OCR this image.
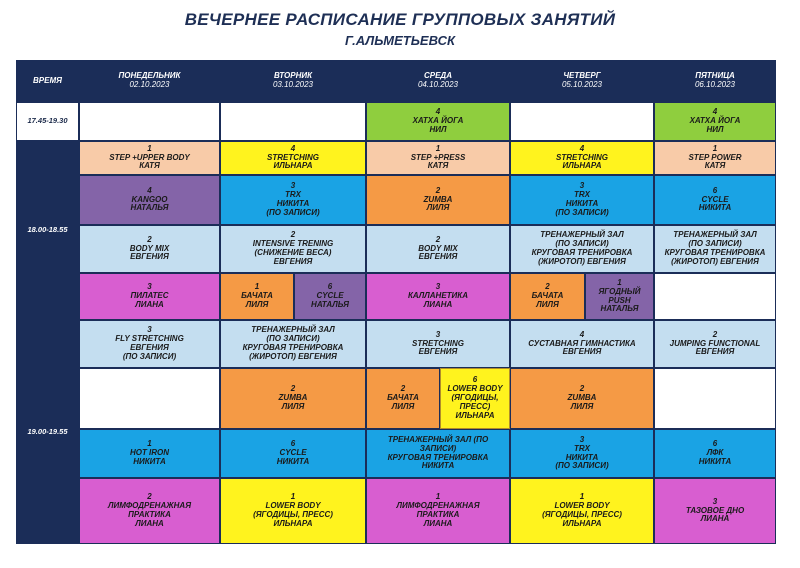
ВЕЧЕРНЕЕ РАСПИСАНИЕ ГРУППОВЫХ ЗАНЯТИЙ
Г.АЛЬМЕТЬЕВСК
ВРЕМЯ	ПОНЕДЕЛЬНИК
02.10.2023
ВТОРНИК
03.10.2023
СРЕДА
04.10.2023
ЧЕТВЕРГ
05.10.2023
ПЯТНИЦА
06.10.2023
17.45-19.30
18.00-18.55
19.00-19.55
4
ХАТХА ЙОГА
НИЛ
4
ХАТХА ЙОГА
НИЛ
1
STEP +UPPER BODY
КАТЯ
4
STRETCHING
ИЛЬНАРА
1
STEP +PRESS
КАТЯ
4
STRETCHING
ИЛЬНАРА
1
STEP POWER
КАТЯ
4
KANGOO
НАТАЛЬЯ
3
TRX
НИКИТА
(ПО ЗАПИСИ)
2
ZUMBA
ЛИЛЯ
3
TRX
НИКИТА
(ПО ЗАПИСИ)
6
CYCLE
НИКИТА
2
BODY MIX
ЕВГЕНИЯ
2
INTENSIVE TRENING
(СНИЖЕНИЕ ВЕСА)
ЕВГЕНИЯ
2
BODY MIX
ЕВГЕНИЯ
ТРЕНАЖЕРНЫЙ ЗАЛ
(ПО ЗАПИСИ)
КРУГОВАЯ ТРЕНИРОВКА
(ЖИРОТОП) ЕВГЕНИЯ
ТРЕНАЖЕРНЫЙ ЗАЛ
(ПО ЗАПИСИ)
КРУГОВАЯ ТРЕНИРОВКА
(ЖИРОТОП) ЕВГЕНИЯ
3
ПИЛАТЕС
ЛИАНА
1
БАЧАТА
ЛИЛЯ
6
CYCLE
НАТАЛЬЯ
3
КАЛЛАНЕТИКА
ЛИАНА
2
БАЧАТА
ЛИЛЯ
1
ЯГОДНЫЙ
PUSH
НАТАЛЬЯ
3
FLY STRETCHING
ЕВГЕНИЯ
(ПО ЗАПИСИ)
ТРЕНАЖЕРНЫЙ ЗАЛ
(ПО ЗАПИСИ)
КРУГОВАЯ ТРЕНИРОВКА
(ЖИРОТОП) ЕВГЕНИЯ
3
STRETCHING
ЕВГЕНИЯ
4
СУСТАВНАЯ ГИМНАСТИКА
ЕВГЕНИЯ
2
JUMPING FUNCTIONAL
ЕВГЕНИЯ
2
ZUMBA
ЛИЛЯ
2
БАЧАТА
ЛИЛЯ
6
LOWER BODY
(ЯГОДИЦЫ,
ПРЕСС)
ИЛЬНАРА
2
ZUMBA
ЛИЛЯ
1
HOT IRON
НИКИТА
6
CYCLE
НИКИТА
ТРЕНАЖЕРНЫЙ ЗАЛ (ПО
ЗАПИСИ)
КРУГОВАЯ ТРЕНИРОВКА
НИКИТА
3
TRX
НИКИТА
(ПО ЗАПИСИ)
6
ЛФК
НИКИТА
2
ЛИМФОДРЕНАЖНАЯ
ПРАКТИКА
ЛИАНА
1
LOWER BODY
(ЯГОДИЦЫ, ПРЕСС)
ИЛЬНАРА
1
ЛИМФОДРЕНАЖНАЯ
ПРАКТИКА
ЛИАНА
1
LOWER BODY
(ЯГОДИЦЫ, ПРЕСС)
ИЛЬНАРА
3
ТАЗОВОЕ ДНО
ЛИАНА
